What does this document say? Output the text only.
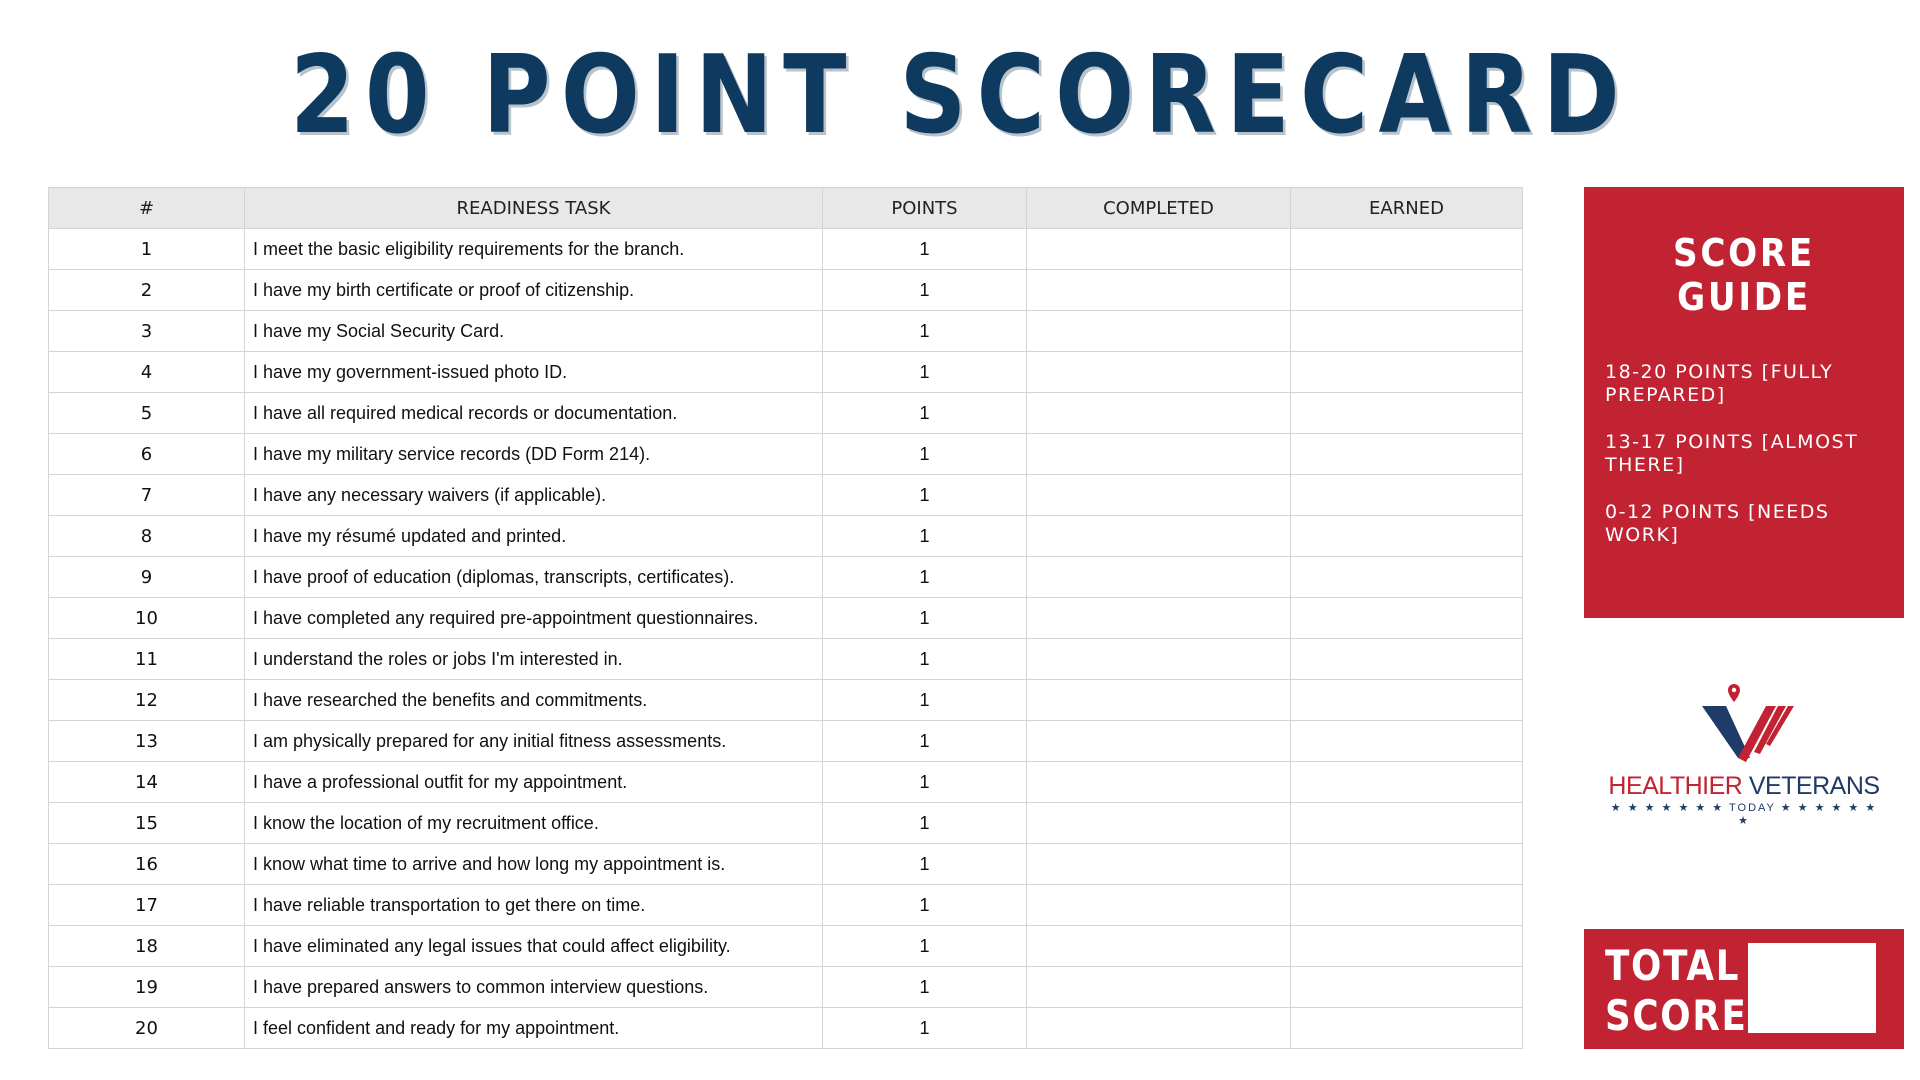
20 POINT SCORECARD
#	READINESS TASK	POINTS	COMPLETED	EARNED
1	I meet the basic eligibility requirements for the branch.	1		
2	I have my birth certificate or proof of citizenship.	1		
3	I have my Social Security Card.	1		
4	I have my government-issued photo ID.	1		
5	I have all required medical records or documentation.	1		
6	I have my military service records (DD Form 214).	1		
7	I have any necessary waivers (if applicable).	1		
8	I have my résumé updated and printed.	1		
9	I have proof of education (diplomas, transcripts, certificates).	1		
10	I have completed any required pre-appointment questionnaires.	1		
11	I understand the roles or jobs I'm interested in.	1		
12	I have researched the benefits and commitments.	1		
13	I am physically prepared for any initial fitness assessments.	1		
14	I have a professional outfit for my appointment.	1		
15	I know the location of my recruitment office.	1		
16	I know what time to arrive and how long my appointment is.	1		
17	I have reliable transportation to get there on time.	1		
18	I have eliminated any legal issues that could affect eligibility.	1		
19	I have prepared answers to common interview questions.	1		
20	I feel confident and ready for my appointment.	1		
SCORE GUIDE
18-20 POINTS [FULLY PREPARED]
13-17 POINTS [ALMOST THERE]
0-12 POINTS [NEEDS WORK]
HEALTHIER VETERANS
★ ★ ★ ★ ★ ★ ★ TODAY ★ ★ ★ ★ ★ ★ ★
TOTAL SCORE
